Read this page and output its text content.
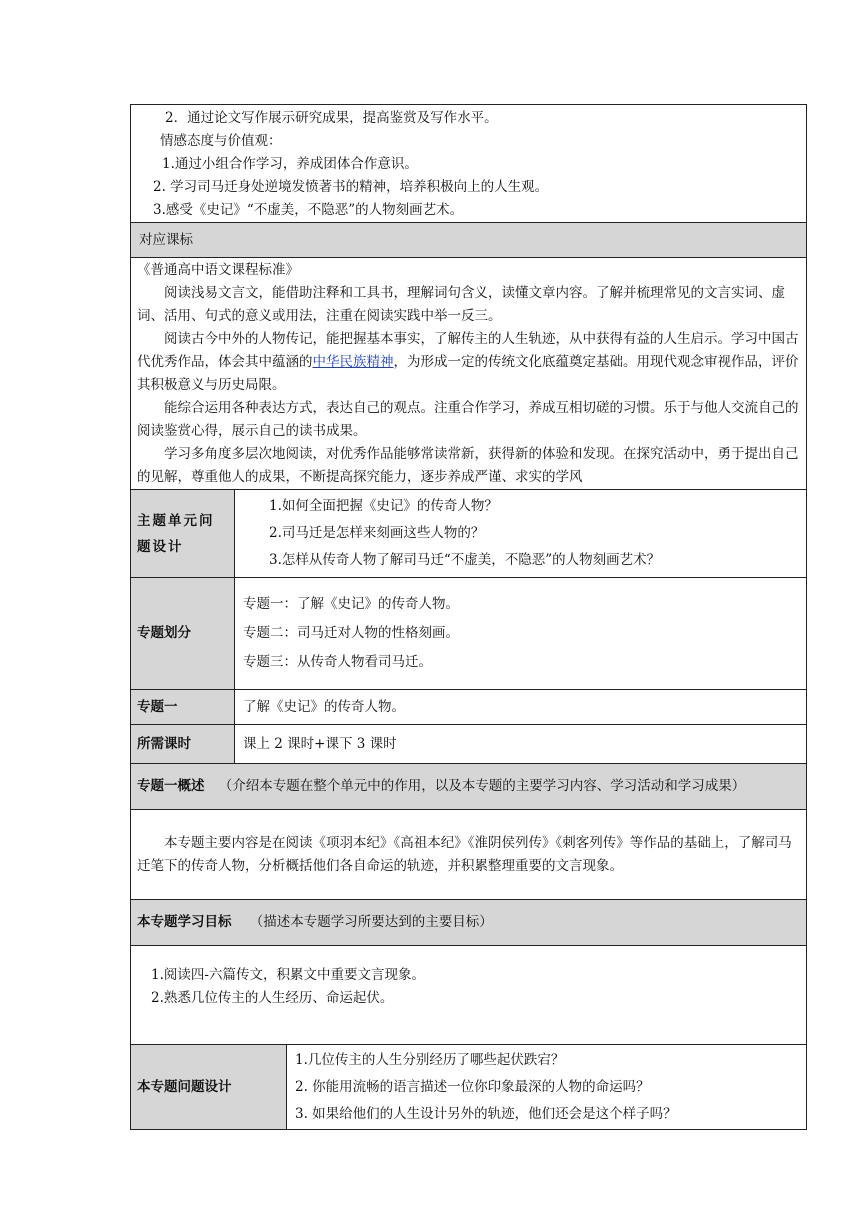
2．通过论文写作展示研究成果，提高鉴赏及写作水平。

情感态度与价值观：

1.通过小组合作学习，养成团体合作意识。

2. 学习司马迁身处逆境发愤著书的精神，培养积极向上的人生观。

3.感受《史记》“不虚美，不隐恶”的人物刻画艺术。		

对应课标		

《普通高中语文课程标准》

阅读浅易文言文，能借助注释和工具书，理解词句含义，读懂文章内容。了解并梳理常见的文言实词、虚词、活用、句式的意义或用法，注重在阅读实践中举一反三。

阅读古今中外的人物传记，能把握基本事实，了解传主的人生轨迹，从中获得有益的人生启示。学习中国古代优秀作品，体会其中蕴涵的中华民族精神，为形成一定的传统文化底蕴奠定基础。用现代观念审视作品，评价其积极意义与历史局限。

能综合运用各种表达方式，表达自己的观点。注重合作学习，养成互相切磋的习惯。乐于与他人交流自己的阅读鉴赏心得，展示自己的读书成果。

学习多角度多层次地阅读，对优秀作品能够常读常新，获得新的体验和发现。在探究活动中，勇于提出自己的见解，尊重他人的成果，不断提高探究能力，逐步养成严谨、求实的学风		

主题单元问题设计	1.如何全面把握《史记》的传奇人物？

2.司马迁是怎样来刻画这些人物的？

3.怎样从传奇人物了解司马迁“不虚美，不隐恶”的人物刻画艺术？	

专题划分	专题一：了解《史记》的传奇人物。

专题二：司马迁对人物的性格刻画。

专题三：从传奇人物看司马迁。	

专题一	了解《史记》的传奇人物。	
所需课时	课上 2 课时+课下 3 课时	
专题一概述 （介绍本专题在整个单元中的作用，以及本专题的主要学习内容、学习活动和学习成果）		

本专题主要内容是在阅读《项羽本纪》《高祖本纪》《淮阴侯列传》《刺客列传》等作品的基础上，了解司马迁笔下的传奇人物，分析概括他们各自命运的轨迹，并积累整理重要的文言现象。		

本专题学习目标 （描述本专题学习所要达到的主要目标）		

1.阅读四-六篇传文，积累文中重要文言现象。

2.熟悉几位传主的人生经历、命运起伏。		

本专题问题设计		1.几位传主的人生分别经历了哪些起伏跌宕？

2. 你能用流畅的语言描述一位你印象最深的人物的命运吗？

3. 如果给他们的人生设计另外的轨迹，他们还会是这个样子吗？
